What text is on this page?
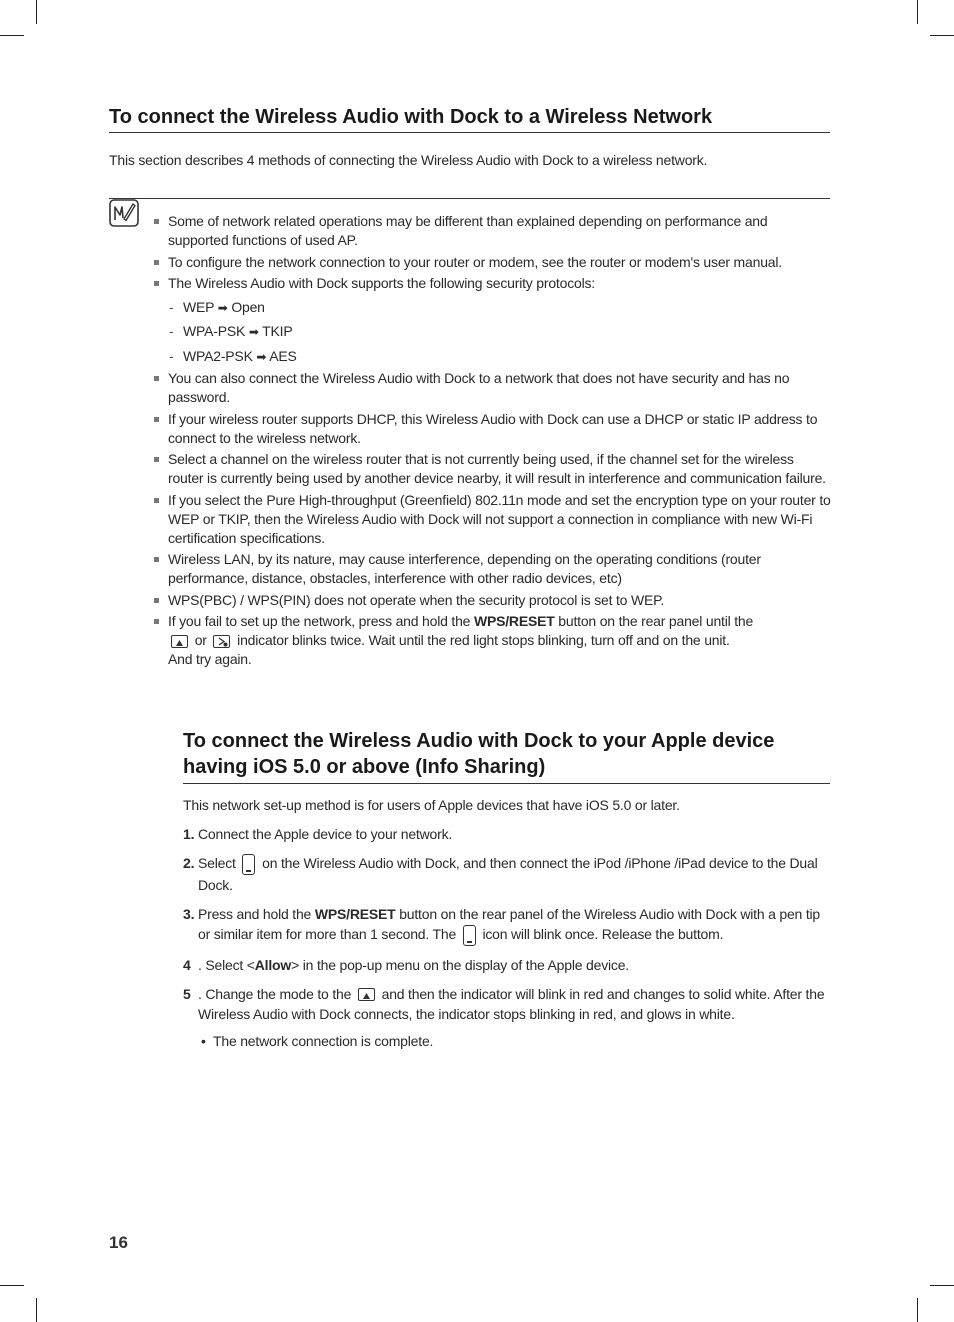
To connect the Wireless Audio with Dock to a Wireless Network

This section describes 4 methods of connecting the Wireless Audio with Dock to a wireless network.

Some of network related operations may be different than explained depending on performance and supported functions of used AP.
To configure the network connection to your router or modem, see the router or modem's user manual.
The Wireless Audio with Dock supports the following security protocols:
- WEP ➡ Open
- WPA-PSK ➡ TKIP
- WPA2-PSK ➡ AES
You can also connect the Wireless Audio with Dock to a network that does not have security and has no password.
If your wireless router supports DHCP, this Wireless Audio with Dock can use a DHCP or static IP address to connect to the wireless network.
Select a channel on the wireless router that is not currently being used, if the channel set for the wireless router is currently being used by another device nearby, it will result in interference and communication failure.
If you select the Pure High-throughput (Greenfield) 802.11n mode and set the encryption type on your router to WEP or TKIP, then the Wireless Audio with Dock will not support a connection in compliance with new Wi-Fi certification specifications.
Wireless LAN, by its nature, may cause interference, depending on the operating conditions (router performance, distance, obstacles, interference with other radio devices, etc)
WPS(PBC) / WPS(PIN) does not operate when the security protocol is set to WEP.
If you fail to set up the network, press and hold the WPS/RESET button on the rear panel until the

or indicator blinks twice. Wait until the red light stops blinking, turn off and on the unit.
And try again.
To connect the Wireless Audio with Dock to your Apple device having iOS 5.0 or above (Info Sharing)

This network set-up method is for users of Apple devices that have iOS 5.0 or later.

1. Connect the Apple device to your network.
2. Select on the Wireless Audio with Dock, and then connect the iPod /iPhone /iPad device to the Dual Dock.
3. Press and hold the WPS/RESET button on the rear panel of the Wireless Audio with Dock with a pen tip or similar item for more than 1 second. The icon will blink once. Release the buttom.
4 . Select <Allow> in the pop-up menu on the display of the Apple device.
5 . Change the mode to the and then the indicator will blink in red and changes to solid white. After the Wireless Audio with Dock connects, the indicator stops blinking in red, and glows in white.
• The network connection is complete.
16
